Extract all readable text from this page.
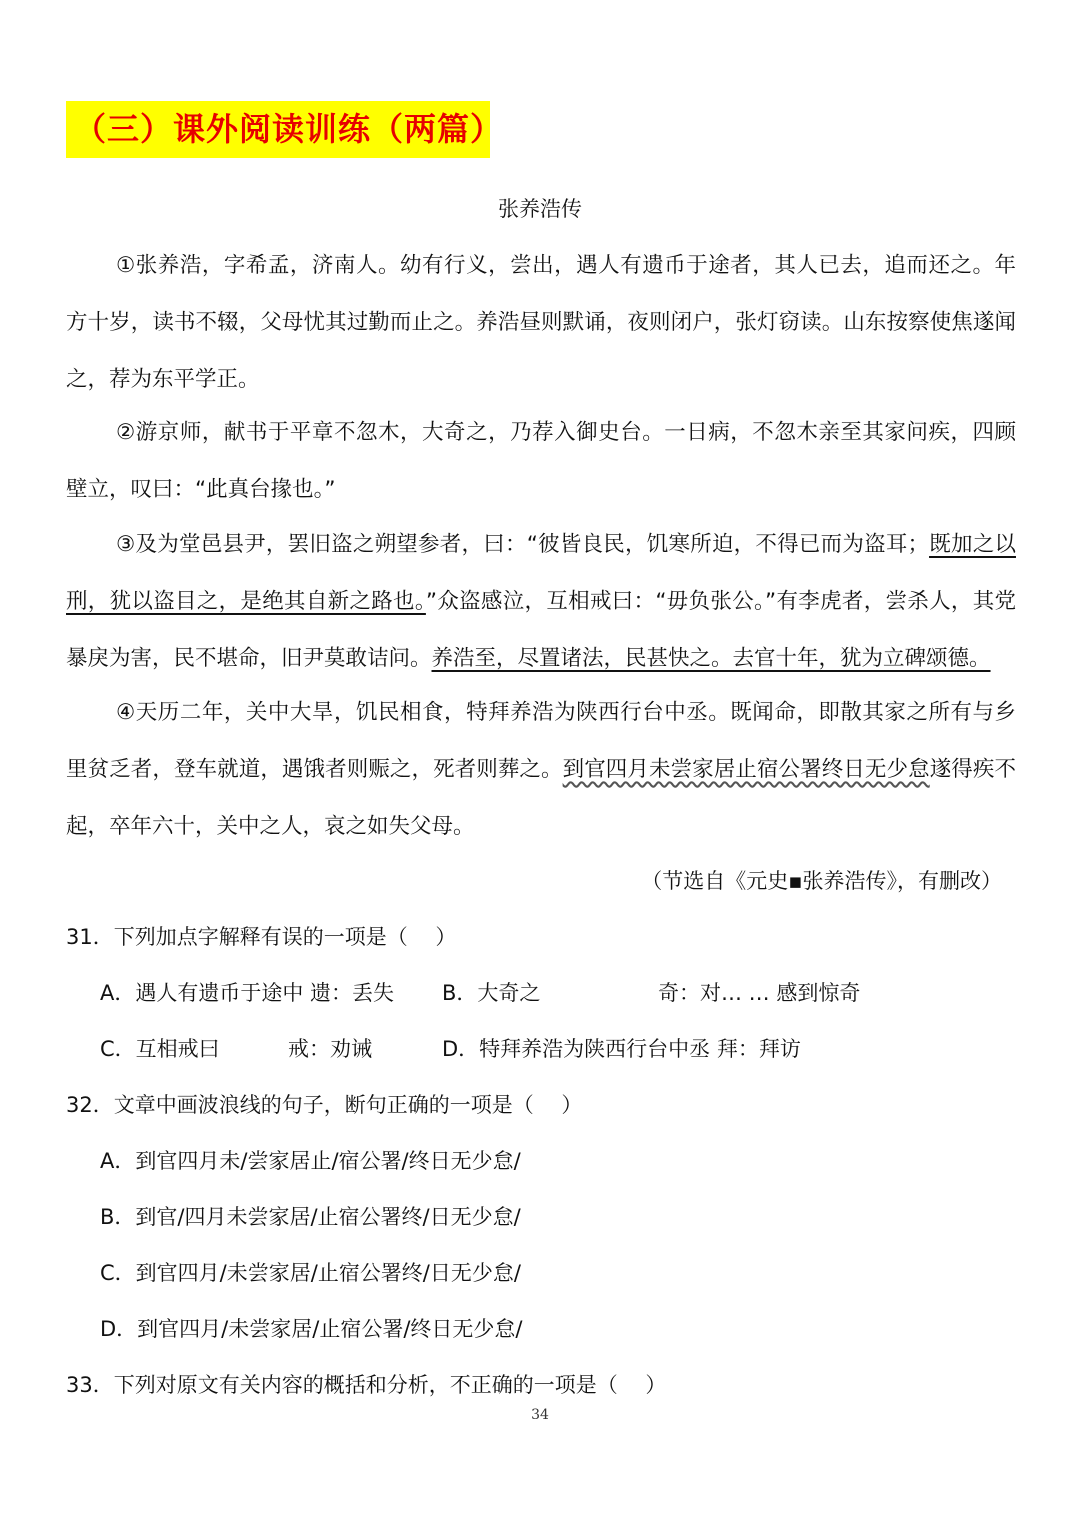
（三）课外阅读训练（两篇）
张养浩传

①张养浩，字希孟，济南人。幼有行义，尝出，遇人有遗币于途者，其人已去，追而还之。年方十岁，读书不辍，父母忧其过勤而止之。养浩昼则默诵，夜则闭户，张灯窃读。山东按察使焦遂闻之，荐为东平学正。

②游京师，献书于平章不忽木，大奇之，乃荐入御史台。一日病，不忽木亲至其家问疾，四顾壁立，叹曰：“此真台掾也。”

③及为堂邑县尹，罢旧盗之朔望参者，曰：“彼皆良民，饥寒所迫，不得已而为盗耳；既加之以刑，犹以盗目之，是绝其自新之路也。”众盗感泣，互相戒曰：“毋负张公。”有李虎者，尝杀人，其党暴戾为害，民不堪命，旧尹莫敢诘问。养浩至，尽置诸法，民甚快之。去官十年，犹为立碑颂德。

④天历二年，关中大旱，饥民相食，特拜养浩为陕西行台中丞。既闻命，即散其家之所有与乡里贫乏者，登车就道，遇饿者则赈之，死者则葬之。到官四月未尝家居止宿公署终日无少怠遂得疾不起，卒年六十，关中之人，哀之如失父母。

（节选自《元史▪张养浩传》，有删改）
31．下列加点字解释有误的一项是（　 ）
A．遇人有遗币于途中 遗：丢失 B．大奇之	奇：对… … 感到惊奇
C．互相戒曰	戒：劝诫	D．特拜养浩为陕西行台中丞 拜：拜访
32．文章中画波浪线的句子，断句正确的一项是（　 ）
A．到官四月未/尝家居止/宿公署/终日无少怠/
B．到官/四月未尝家居/止宿公署终/日无少怠/
C．到官四月/未尝家居/止宿公署终/日无少怠/
D．到官四月/未尝家居/止宿公署/终日无少怠/
33．下列对原文有关内容的概括和分析，不正确的一项是（　 ）
34
